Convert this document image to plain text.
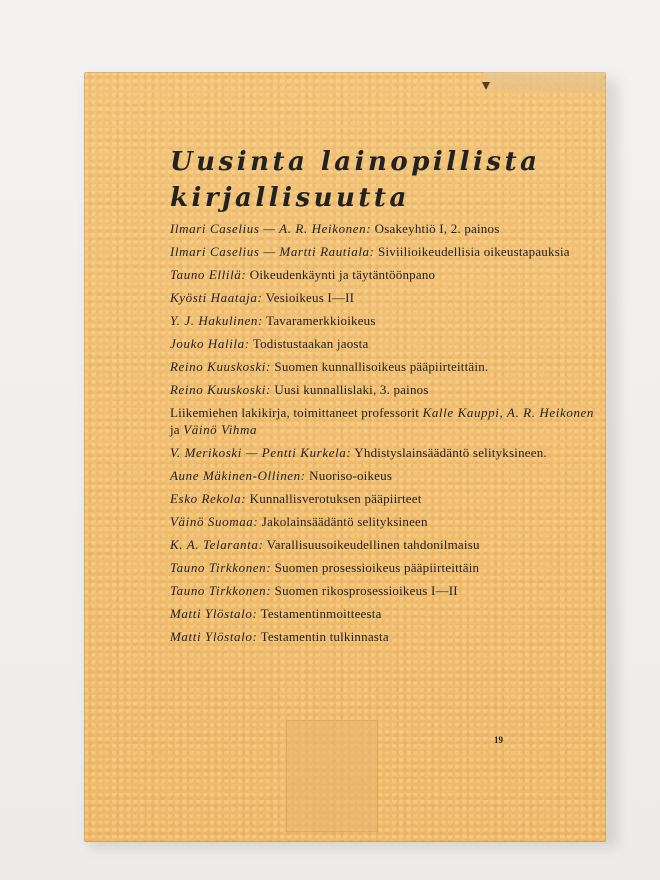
Uusinta lainopillista
kirjallisuutta
Ilmari Caselius — A. R. Heikonen: Osakeyhtiö I, 2. painos
Ilmari Caselius — Martti Rautiala: Siviilioikeudellisia oikeustapauksia
Tauno Ellilä: Oikeudenkäynti ja täytäntöönpano
Kyösti Haataja: Vesioikeus I—II
Y. J. Hakulinen: Tavaramerkkioikeus
Jouko Halila: Todistustaakan jaosta
Reino Kuuskoski: Suomen kunnallisoikeus pääpiirteittäin.
Reino Kuuskoski: Uusi kunnallislaki, 3. painos
Liikemiehen lakikirja, toimittaneet professorit Kalle Kauppi, A. R. Heikonen ja Väinö Vihma
V. Merikoski — Pentti Kurkela: Yhdistyslainsäädäntö selityksineen.
Aune Mäkinen-Ollinen: Nuoriso-oikeus
Esko Rekola: Kunnallisverotuksen pääpiirteet
Väinö Suomaa: Jakolainsäädäntö selityksineen
K. A. Telaranta: Varallisuusoikeudellinen tahdonilmaisu
Tauno Tirkkonen: Suomen prosessioikeus pääpiirteittäin
Tauno Tirkkonen: Suomen rikosprosessioikeus I—II
Matti Ylöstalo: Testamentinmoitteesta
Matti Ylöstalo: Testamentin tulkinnasta
19
